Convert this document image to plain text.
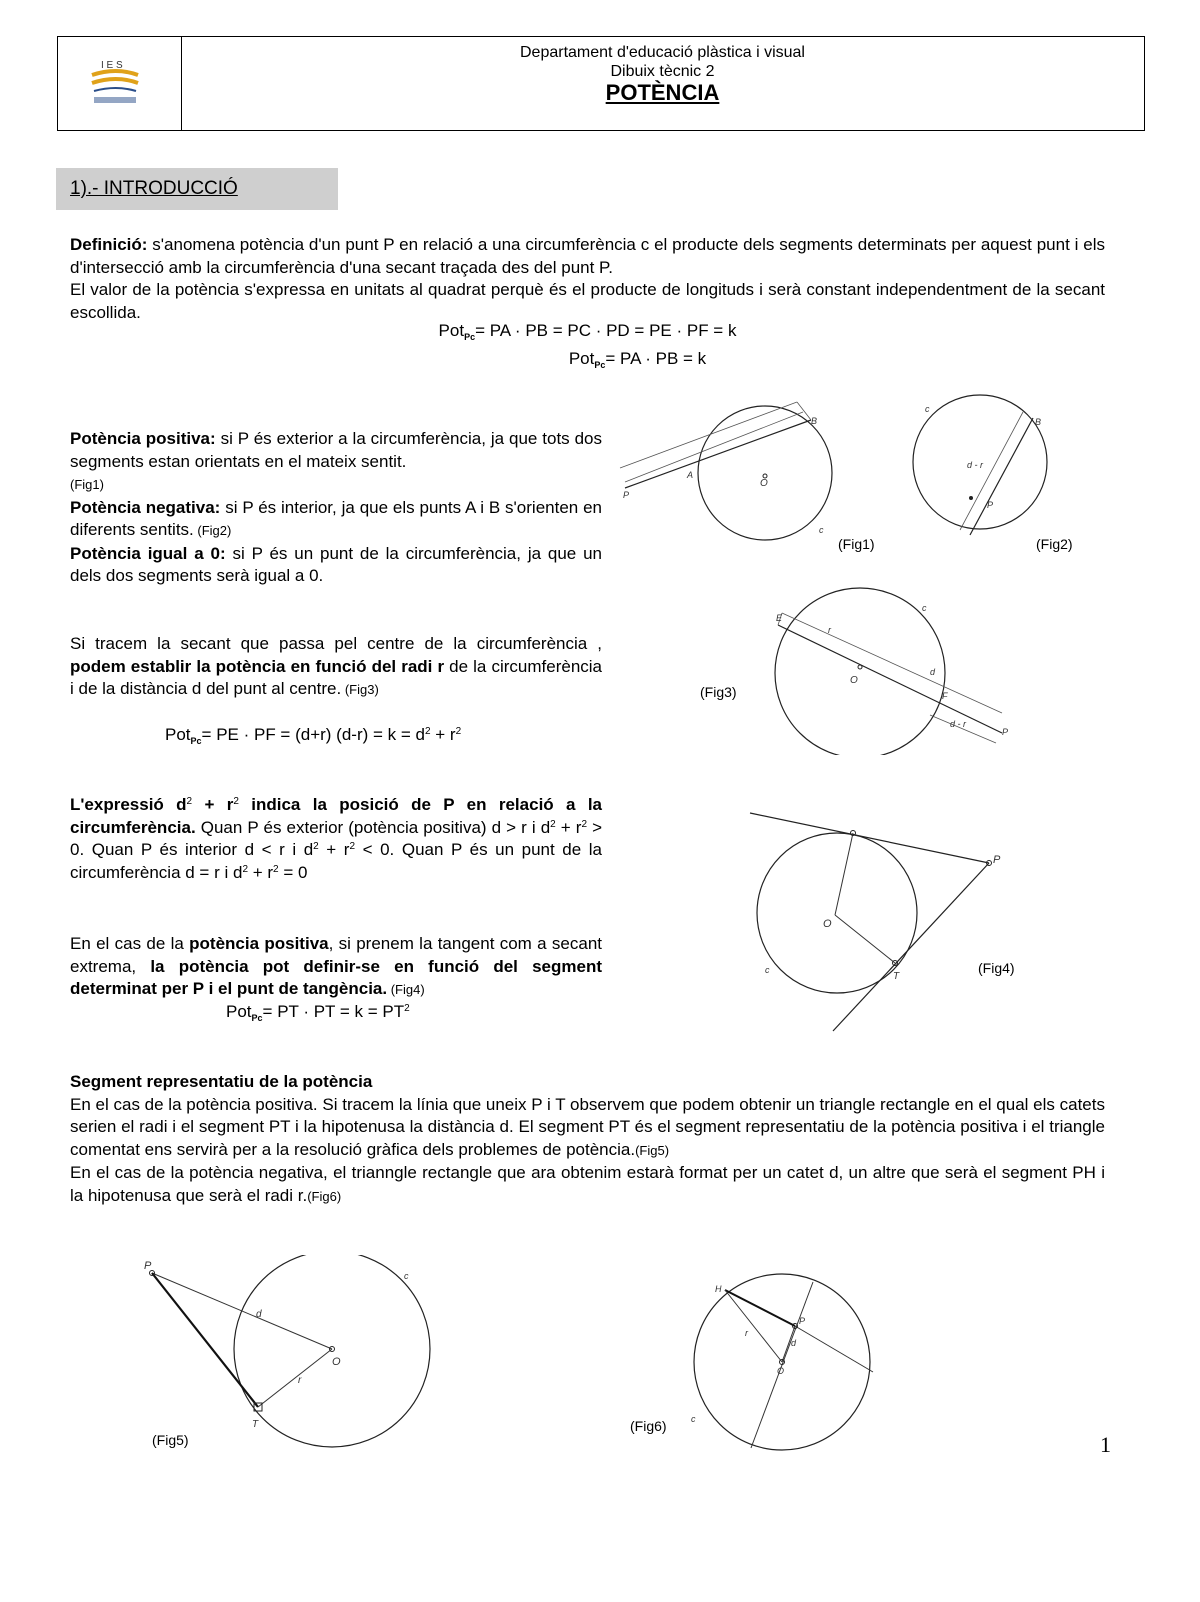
I E S
Departament d'educació plàstica i visual
Dibuix tècnic 2
POTÈNCIA
1).- INTRODUCCIÓ
Definició: s'anomena potència d'un punt P en relació a una circumferència c el producte dels segments determinats per aquest punt i els d'intersecció amb la circumferència d'una secant traçada des del punt P.
El valor de la potència s'expressa en unitats al quadrat perquè és el producte de longituds i serà constant independentment de la secant escollida.
Pot$_{Pc}$= PA · PB = PC · PD = PE · PF = k
Pot$_{Pc}$= PA · PB = k
Potència positiva: si P és exterior a la circumferència, ja que tots dos segments estan orientats en el mateix sentit.
(Fig1)
Potència negativa: si P és interior, ja que els punts A i B s'orienten en diferents sentits. (Fig2)
Potència igual a 0: si P és un punt de la circumferència, ja que un dels dos segments serà igual a 0.
Si tracem la secant que passa pel centre de la circumferència , podem establir la potència en funció del radi r de la circumferència i de la distància d del punt al centre. (Fig3)
Pot$_{Pc}$= PE · PF = (d+r) $(d-r) = k = d^2 + r^2$
L'expressió $d^2 + r^2$ indica la posició de P en relació a la circumferència. Quan P és exterior (potència positiva) d > r i $d^2 + r^2 > 0$. Quan P és interior d < r i $d^2 + r^2 < 0$. Quan P és un punt de la circumferència d = r i $d^2 + r^2 = 0$
En el cas de la potència positiva, si prenem la tangent com a secant extrema, la potència pot definir-se en funció del segment determinat per P i el punt de tangència. (Fig4)
Pot$_{Pc}$= PT · PT = $k = PT^2$
Segment representatiu de la potència
En el cas de la potència positiva. Si tracem la línia que uneix P i T observem que podem obtenir un triangle rectangle en el qual els catets serien el radi i el segment PT i la hipotenusa la distància d. El segment PT és el segment representatiu de la potència positiva i el triangle comentat ens servirà per a la resolució gràfica dels problemes de potència.(Fig5)
En el cas de la potència negativa, el trianngle rectangle que ara obtenim estarà format per un catet d, un altre que serà el segment PH i la hipotenusa que serà el radi r.(Fig6)
O
A
B
P
c
(Fig1)
d - r
B
P
c
(Fig2)
O
E
F
P
r
d
d - r
c
(Fig3)
O
P
T
c	(Fig4)
P
O
T
d
r
c
(Fig5)
H
P
O
r
d
c
(Fig6)
1
